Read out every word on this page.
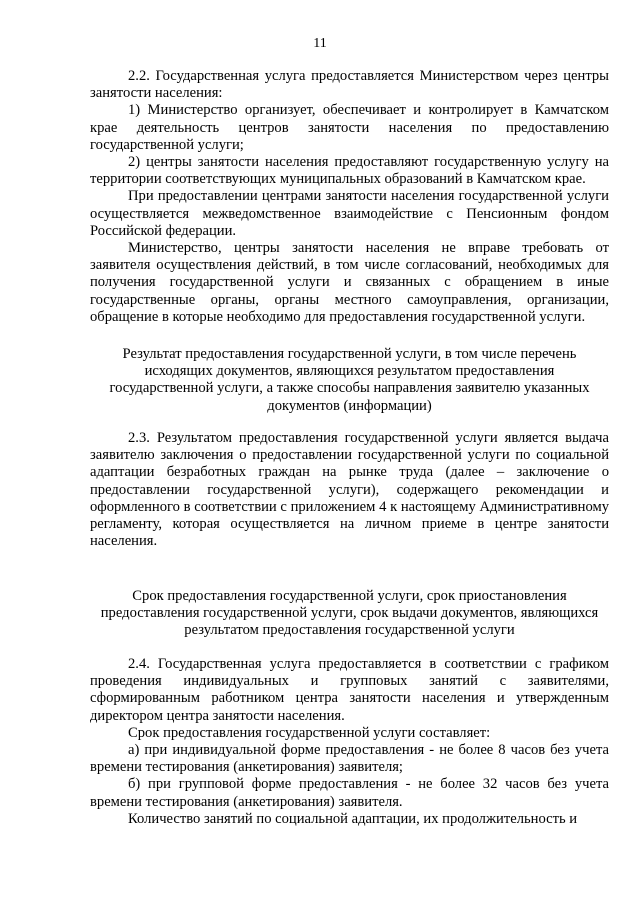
11

2.2. Государственная услуга предоставляется Министерством через центры занятости населения:

1) Министерство организует, обеспечивает и контролирует в Камчатском крае деятельность центров занятости населения по предоставлению государственной услуги;

2) центры занятости населения предоставляют государственную услугу на территории соответствующих муниципальных образований в Камчатском крае.

При предоставлении центрами занятости населения государственной услуги осуществляется межведомственное взаимодействие с Пенсионным фондом Российской федерации.

Министерство, центры занятости населения не вправе требовать от заявителя осуществления действий, в том числе согласований, необходимых для получения государственной услуги и связанных с обращением в иные государственные органы, органы местного самоуправления, организации, обращение в которые необходимо для предоставления государственной услуги.

Результат предоставления государственной услуги, в том числе перечень

исходящих документов, являющихся результатом предоставления

государственной услуги, а также способы направления заявителю указанных

документов (информации)

2.3. Результатом предоставления государственной услуги является выдача заявителю заключения о предоставлении государственной услуги по социальной адаптации безработных граждан на рынке труда (далее – заключение о предоставлении государственной услуги), содержащего рекомендации и оформленного в соответствии с приложением 4 к настоящему Административному регламенту, которая осуществляется на личном приеме в центре занятости населения.

Срок предоставления государственной услуги, срок приостановления

предоставления государственной услуги, срок выдачи документов, являющихся

результатом предоставления государственной услуги

2.4. Государственная услуга предоставляется в соответствии с графиком проведения индивидуальных и групповых занятий с заявителями, сформированным работником центра занятости населения и утвержденным директором центра занятости населения.

Срок предоставления государственной услуги составляет:

а) при индивидуальной форме предоставления - не более 8 часов без учета времени тестирования (анкетирования) заявителя;

б) при групповой форме предоставления - не более 32 часов без учета времени тестирования (анкетирования) заявителя.

Количество занятий по социальной адаптации, их продолжительность и
